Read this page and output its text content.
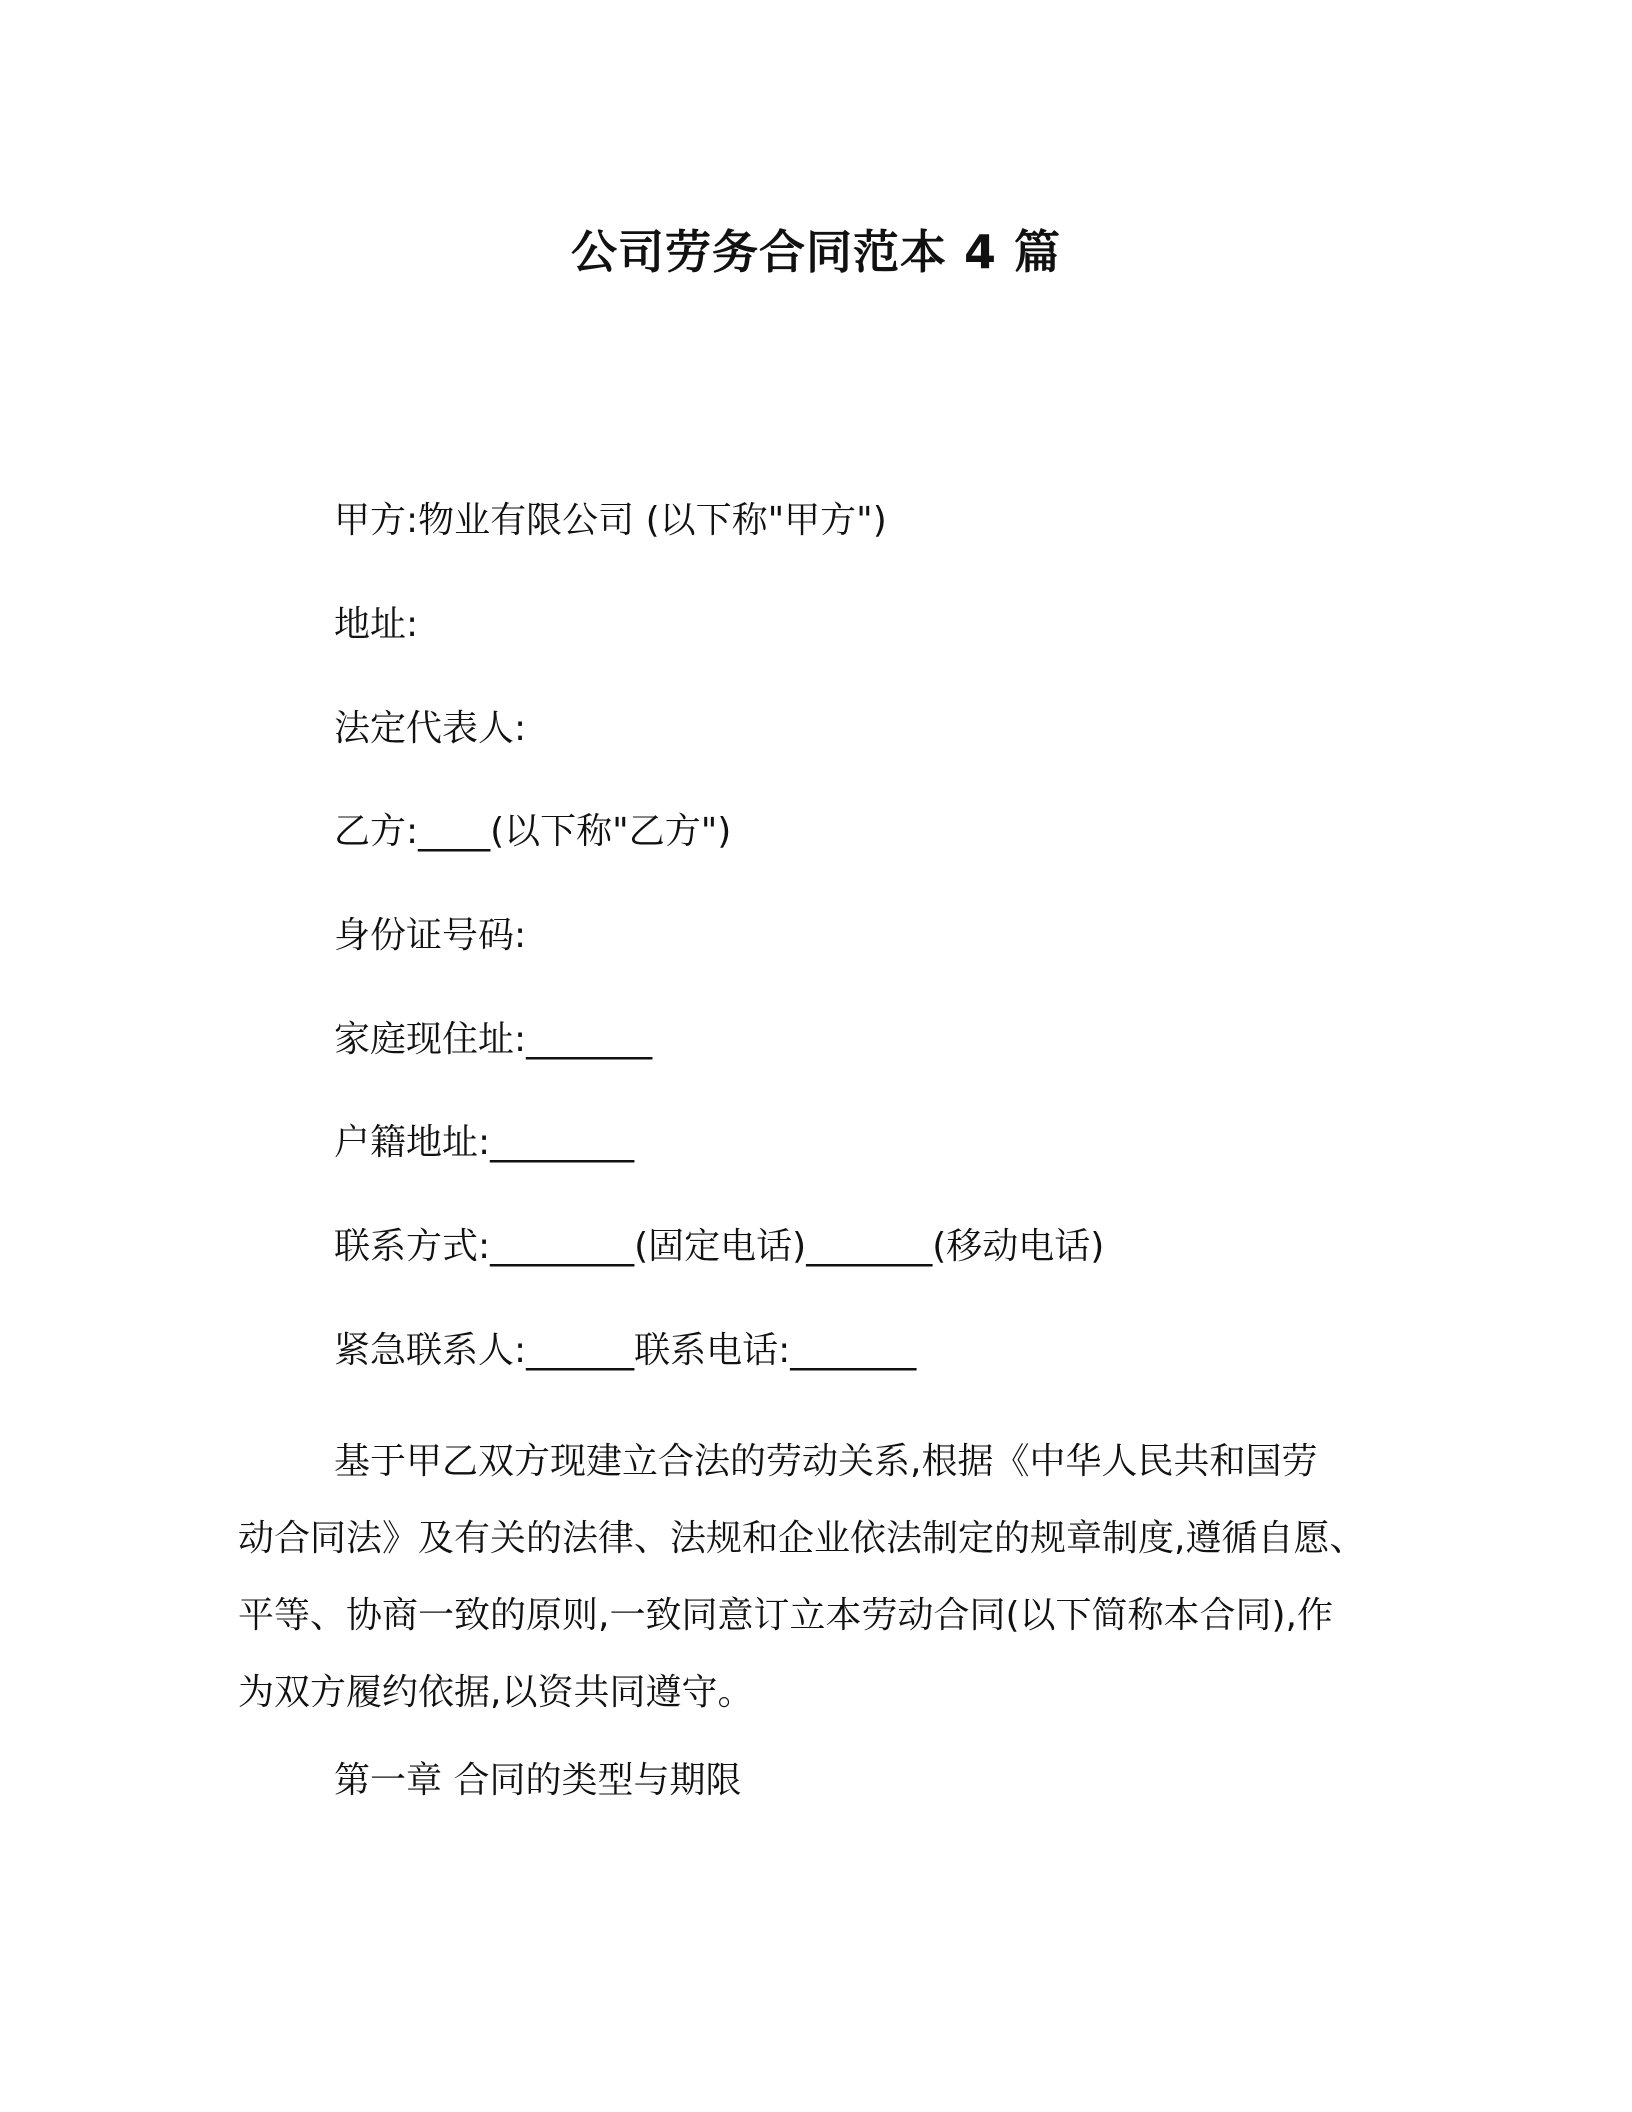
公司劳务合同范本 4 篇
甲方:物业有限公司 (以下称"甲方")
地址:
法定代表人:
乙方:____(以下称"乙方")
身份证号码:
家庭现住址:_______
户籍地址:________
联系方式:________(固定电话)_______(移动电话)
紧急联系人:______联系电话:_______
基于甲乙双方现建立合法的劳动关系,根据《中华人民共和国劳
动合同法》及有关的法律、法规和企业依法制定的规章制度,遵循自愿、
平等、协商一致的原则,一致同意订立本劳动合同(以下简称本合同),作
为双方履约依据,以资共同遵守。
第一章 合同的类型与期限
